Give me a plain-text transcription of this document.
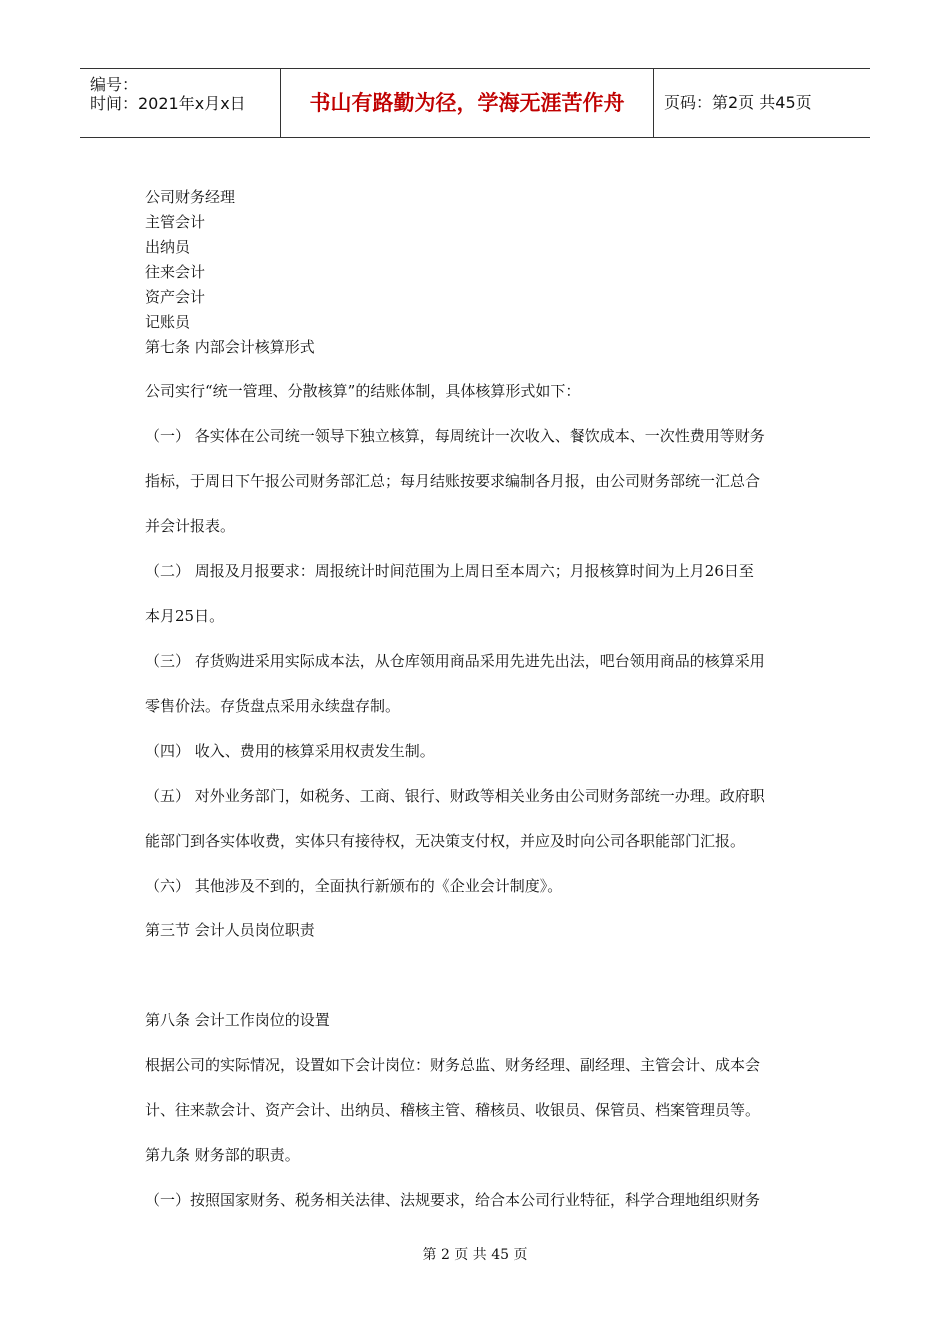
编号：
时间：2021年x月x日	书山有路勤为径，学海无涯苦作舟	页码：第2页 共45页
公司财务经理
主管会计
出纳员
往来会计
资产会计
记账员
第七条 内部会计核算形式
公司实行“统一管理、分散核算”的结账体制，具体核算形式如下：
（一） 各实体在公司统一领导下独立核算，每周统计一次收入、餐饮成本、一次性费用等财务
指标，于周日下午报公司财务部汇总；每月结账按要求编制各月报，由公司财务部统一汇总合
并会计报表。
（二） 周报及月报要求：周报统计时间范围为上周日至本周六；月报核算时间为上月26日至
本月25日。
（三） 存货购进采用实际成本法，从仓库领用商品采用先进先出法，吧台领用商品的核算采用
零售价法。存货盘点采用永续盘存制。
（四） 收入、费用的核算采用权责发生制。
（五） 对外业务部门，如税务、工商、银行、财政等相关业务由公司财务部统一办理。政府职
能部门到各实体收费，实体只有接待权，无决策支付权，并应及时向公司各职能部门汇报。
（六） 其他涉及不到的，全面执行新颁布的《企业会计制度》。
第三节 会计人员岗位职责
第八条 会计工作岗位的设置
根据公司的实际情况，设置如下会计岗位：财务总监、财务经理、副经理、主管会计、成本会
计、往来款会计、资产会计、出纳员、稽核主管、稽核员、收银员、保管员、档案管理员等。
第九条 财务部的职责。
（一）按照国家财务、税务相关法律、法规要求，给合本公司行业特征，科学合理地组织财务
第 2 页 共 45 页
